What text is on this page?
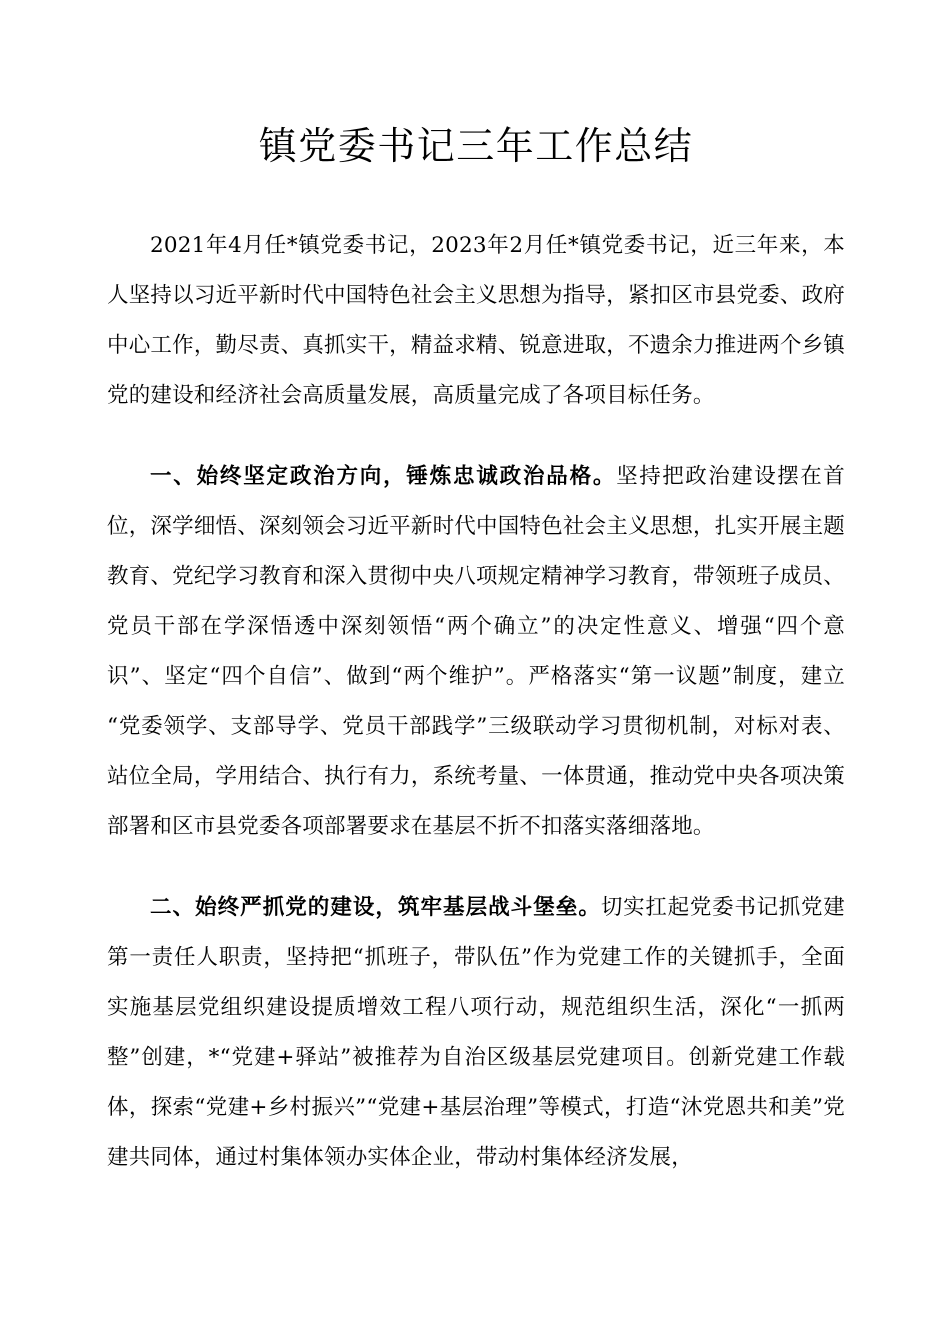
镇党委书记三年工作总结

2021年4月任*镇党委书记，2023年2月任*镇党委书记，近三年来，本人坚持以习近平新时代中国特色社会主义思想为指导，紧扣区市县党委、政府中心工作，勤尽责、真抓实干，精益求精、锐意进取，不遗余力推进两个乡镇党的建设和经济社会高质量发展，高质量完成了各项目标任务。

一、始终坚定政治方向，锤炼忠诚政治品格。坚持把政治建设摆在首位，深学细悟、深刻领会习近平新时代中国特色社会主义思想，扎实开展主题教育、党纪学习教育和深入贯彻中央八项规定精神学习教育，带领班子成员、党员干部在学深悟透中深刻领悟“两个确立”的决定性意义、增强“四个意识”、坚定“四个自信”、做到“两个维护”。严格落实“第一议题”制度，建立“党委领学、支部导学、党员干部践学”三级联动学习贯彻机制，对标对表、站位全局，学用结合、执行有力，系统考量、一体贯通，推动党中央各项决策部署和区市县党委各项部署要求在基层不折不扣落实落细落地。

二、始终严抓党的建设，筑牢基层战斗堡垒。切实扛起党委书记抓党建第一责任人职责，坚持把“抓班子，带队伍”作为党建工作的关键抓手，全面实施基层党组织建设提质增效工程八项行动，规范组织生活，深化“一抓两整”创建，*“党建+驿站”被推荐为自治区级基层党建项目。创新党建工作载体，探索“党建+乡村振兴”“党建+基层治理”等模式，打造“沐党恩共和美”党建共同体，通过村集体领办实体企业，带动村集体经济发展，
